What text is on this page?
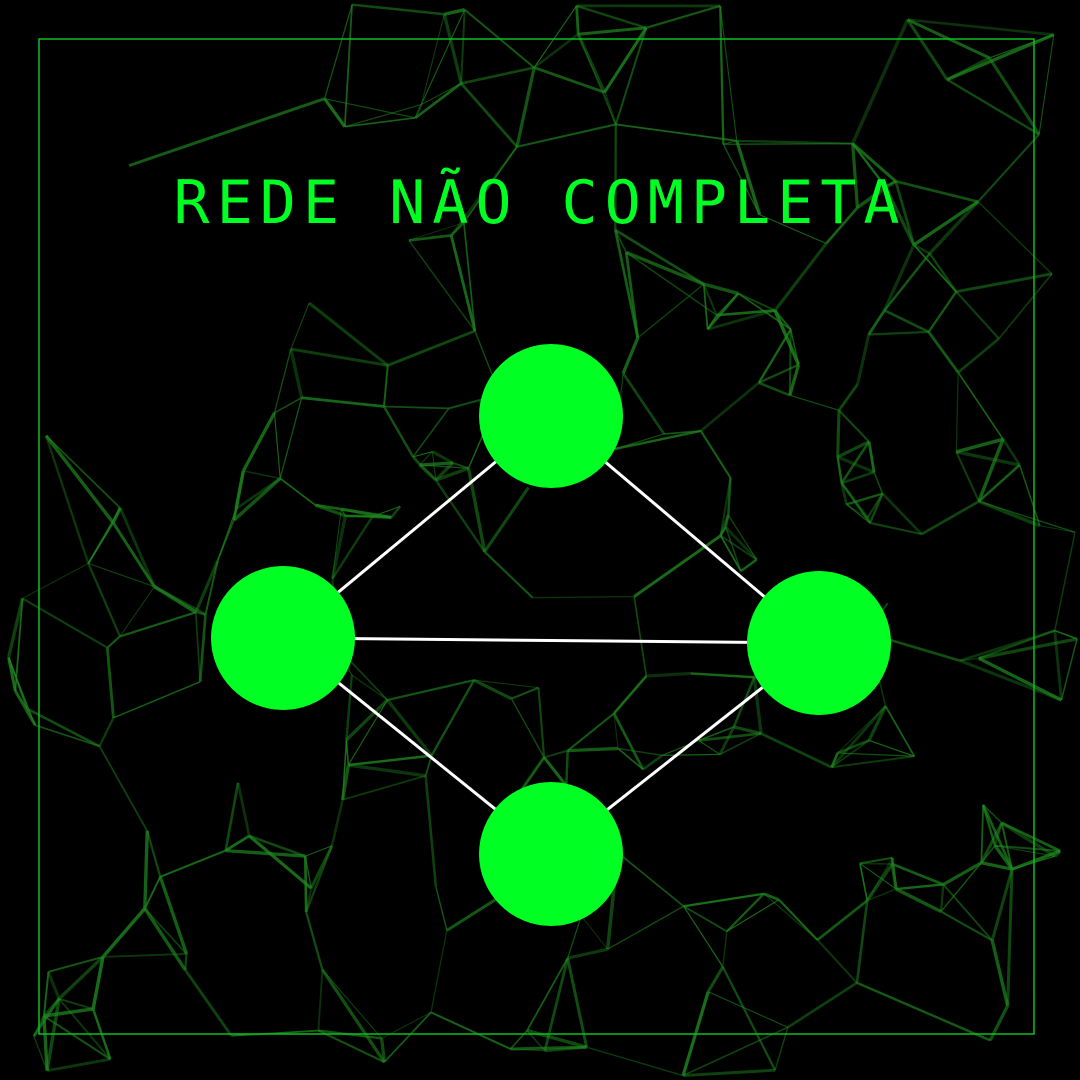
REDE NÃO COMPLETA
